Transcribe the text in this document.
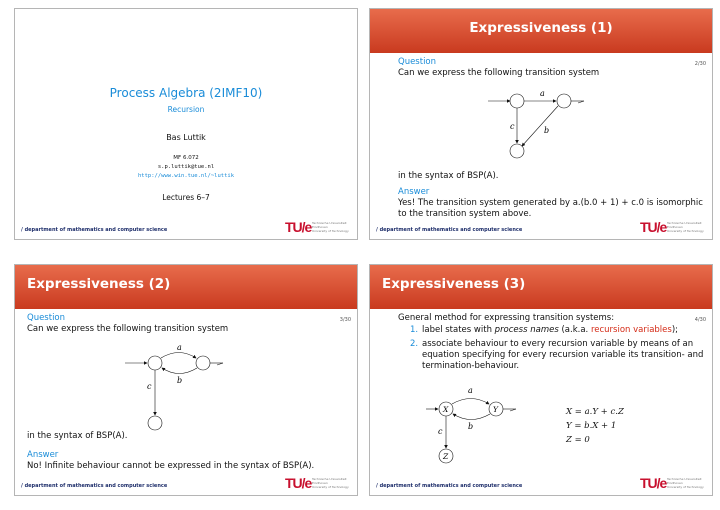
Process Algebra (2IMF10)
Recursion
Bas Luttik
MF 6.072
s.p.luttik@tue.nl
http://www.win.tue.nl/~luttik
Lectures 6–7
/ department of mathematics and computer science	TU/e Technische Universiteit
Eindhoven
University of Technology
Expressiveness (1)
2/30
Question
Can we express the following transition system
a
c	b
in the syntax of BSP(A).
Answer
Yes! The transition system generated by a.(b.0 + 1) + c.0 is isomorphic
to the transition system above.
/ department of mathematics and computer science	TU/e Technische Universiteit
Eindhoven
University of Technology
Expressiveness (2)
3/30
Question
Can we express the following transition system
a
b
c
in the syntax of BSP(A).
Answer
No! Infinite behaviour cannot be expressed in the syntax of BSP(A).
/ department of mathematics and computer science	TU/e Technische Universiteit
Eindhoven
University of Technology
Expressiveness (3)
4/30
General method for expressing transition systems:
1. label states with process names (a.k.a. recursion variables);
2. associate behaviour to every recursion variable by means of an
equation specifying for every recursion variable its transition- and
termination-behaviour.
a
b
c
X	Y
Z
X = a.Y + c.Z
Y = b.X + 1
Z = 0
/ department of mathematics and computer science	TU/e Technische Universiteit
Eindhoven
University of Technology
